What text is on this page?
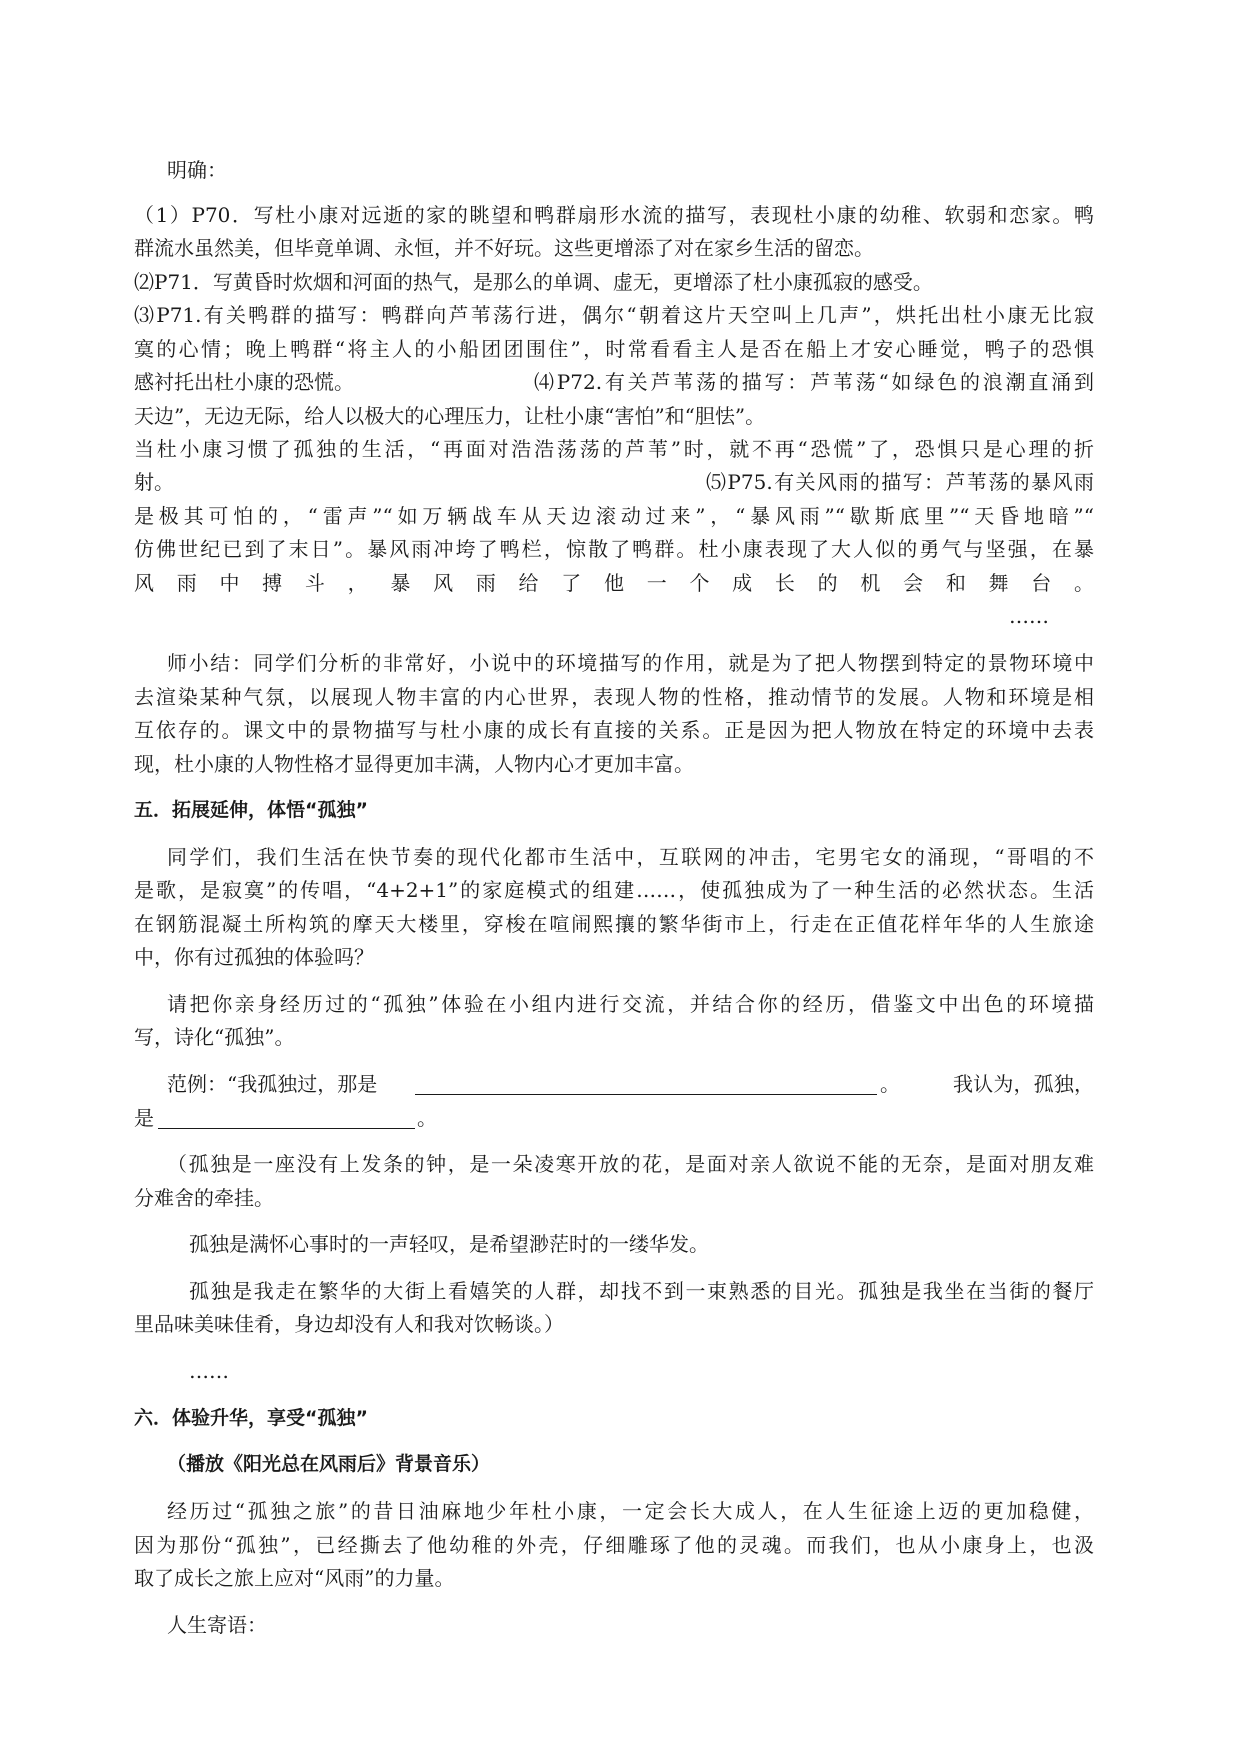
明确：
（1）P70．写杜小康对远逝的家的眺望和鸭群扇形水流的描写，表现杜小康的幼稚、软弱和恋家。鸭
群流水虽然美，但毕竟单调、永恒，并不好玩。这些更增添了对在家乡生活的留恋。
⑵P71．写黄昏时炊烟和河面的热气，是那么的单调、虚无，更增添了杜小康孤寂的感受。
⑶P71.有关鸭群的描写：鸭群向芦苇荡行进，偶尔“朝着这片天空叫上几声”，烘托出杜小康无比寂
寞的心情；晚上鸭群“将主人的小船团团围住”，时常看看主人是否在船上才安心睡觉，鸭子的恐惧
感衬托出杜小康的恐慌。	⑷P72.有关芦苇荡的描写：芦苇荡“如绿色的浪潮直涌到
天边”，无边无际，给人以极大的心理压力，让杜小康“害怕”和“胆怯”。
当杜小康习惯了孤独的生活，“再面对浩浩荡荡的芦苇”时，就不再“恐慌”了，恐惧只是心理的折
射。	⑸P75.有关风雨的描写：芦苇荡的暴风雨
是极其可怕的，“雷声”“如万辆战车从天边滚动过来”，“暴风雨”“歇斯底里”“天昏地暗”“
仿佛世纪已到了末日”。暴风雨冲垮了鸭栏，惊散了鸭群。杜小康表现了大人似的勇气与坚强，在暴
风雨中搏斗，暴风雨给了他一个成长的机会和舞台。
……
师小结：同学们分析的非常好，小说中的环境描写的作用，就是为了把人物摆到特定的景物环境中
去渲染某种气氛，以展现人物丰富的内心世界，表现人物的性格，推动情节的发展。人物和环境是相
互依存的。课文中的景物描写与杜小康的成长有直接的关系。正是因为把人物放在特定的环境中去表
现，杜小康的人物性格才显得更加丰满，人物内心才更加丰富。
五．拓展延伸，体悟“孤独”
同学们，我们生活在快节奏的现代化都市生活中，互联网的冲击，宅男宅女的涌现，“哥唱的不
是歌，是寂寞”的传唱，“4+2+1”的家庭模式的组建……，使孤独成为了一种生活的必然状态。生活
在钢筋混凝土所构筑的摩天大楼里，穿梭在喧闹熙攘的繁华街市上，行走在正值花样年华的人生旅途
中，你有过孤独的体验吗？
请把你亲身经历过的“孤独”体验在小组内进行交流，并结合你的经历，借鉴文中出色的环境描
写，诗化“孤独”。
范例：“我孤独过，那是	。	我认为，孤独，
是	。
（孤独是一座没有上发条的钟，是一朵凌寒开放的花，是面对亲人欲说不能的无奈，是面对朋友难
分难舍的牵挂。
孤独是满怀心事时的一声轻叹，是希望渺茫时的一缕华发。
孤独是我走在繁华的大街上看嬉笑的人群，却找不到一束熟悉的目光。孤独是我坐在当街的餐厅
里品味美味佳肴，身边却没有人和我对饮畅谈。）
……
六．体验升华，享受“孤独”
（播放《阳光总在风雨后》背景音乐）
经历过“孤独之旅”的昔日油麻地少年杜小康，一定会长大成人，在人生征途上迈的更加稳健，
因为那份“孤独”，已经撕去了他幼稚的外壳，仔细雕琢了他的灵魂。而我们，也从小康身上，也汲
取了成长之旅上应对“风雨”的力量。
人生寄语：
